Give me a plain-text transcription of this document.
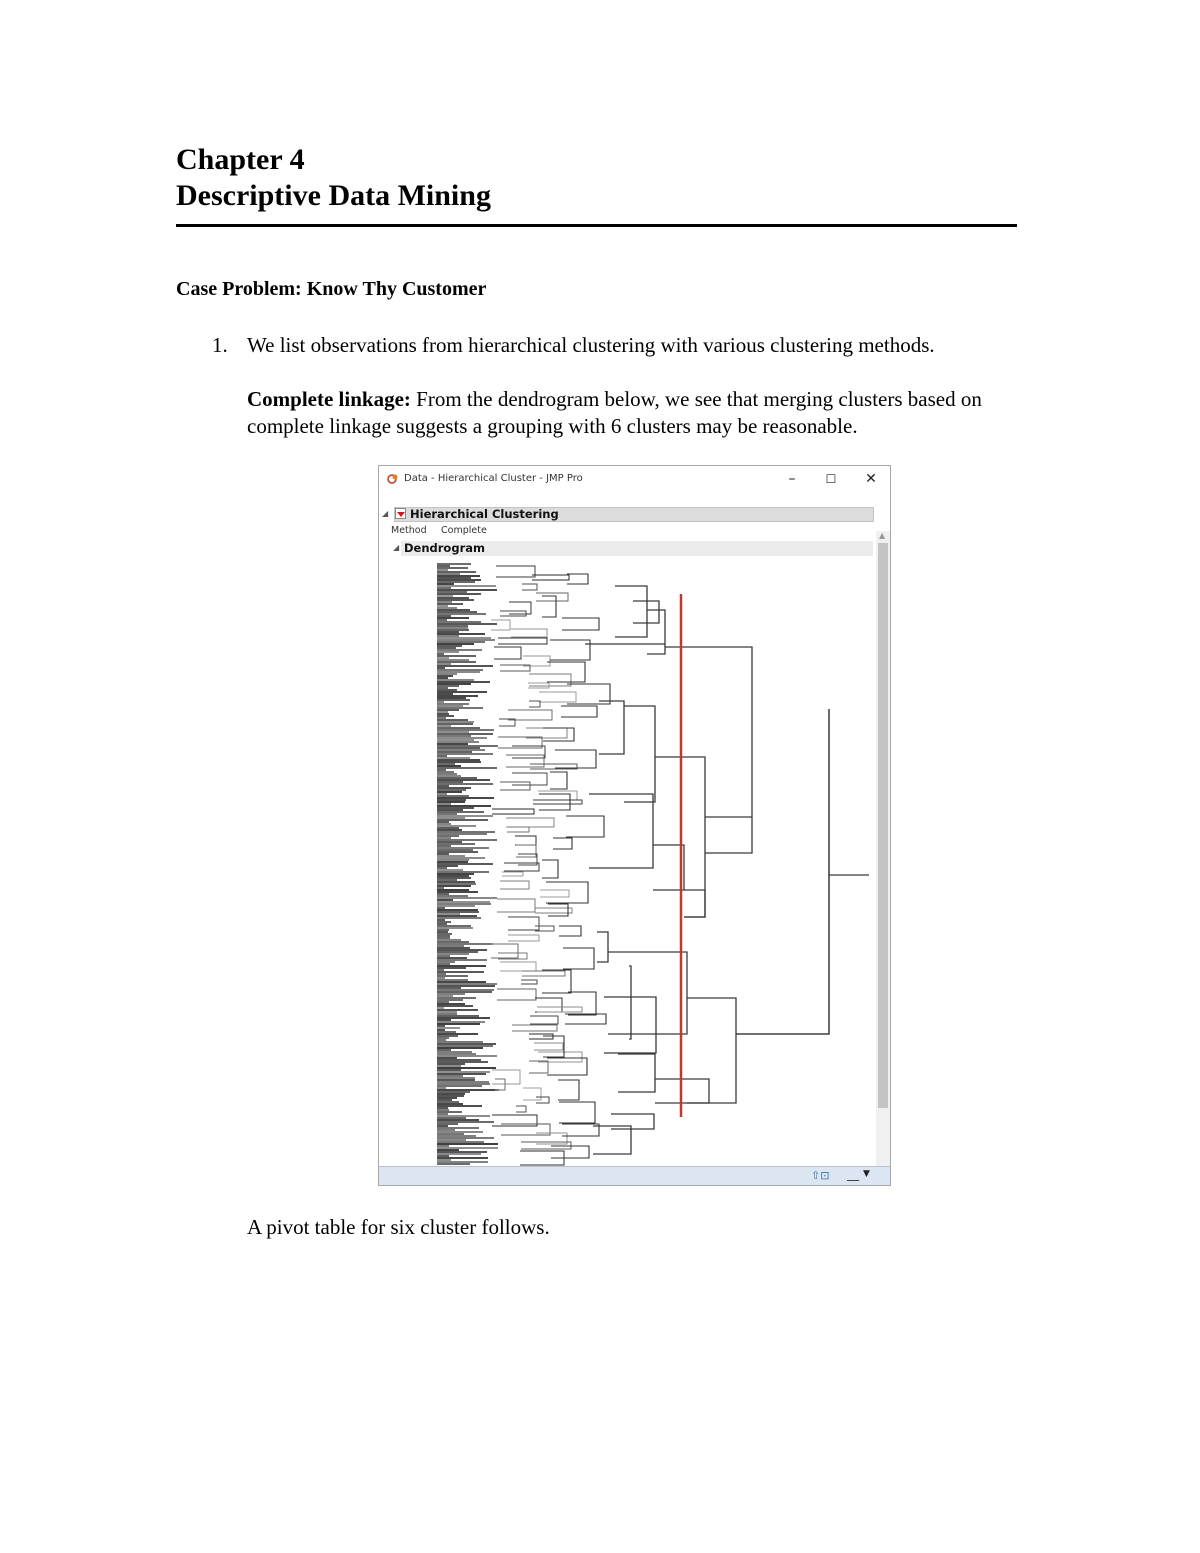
Chapter 4
Descriptive Data Mining
Case Problem: Know Thy Customer
1. We list observations from hierarchical clustering with various clustering methods.
Complete linkage: From the dendrogram below, we see that merging clusters based on complete linkage suggests a grouping with 6 clusters may be reasonable.
Data - Hierarchical Cluster - JMP Pro	–	☐	✕
◢ Hierarchical Clustering
Method Complete
◢ Dendrogram
▲
⇧⊡	▼
A pivot table for six cluster follows.
